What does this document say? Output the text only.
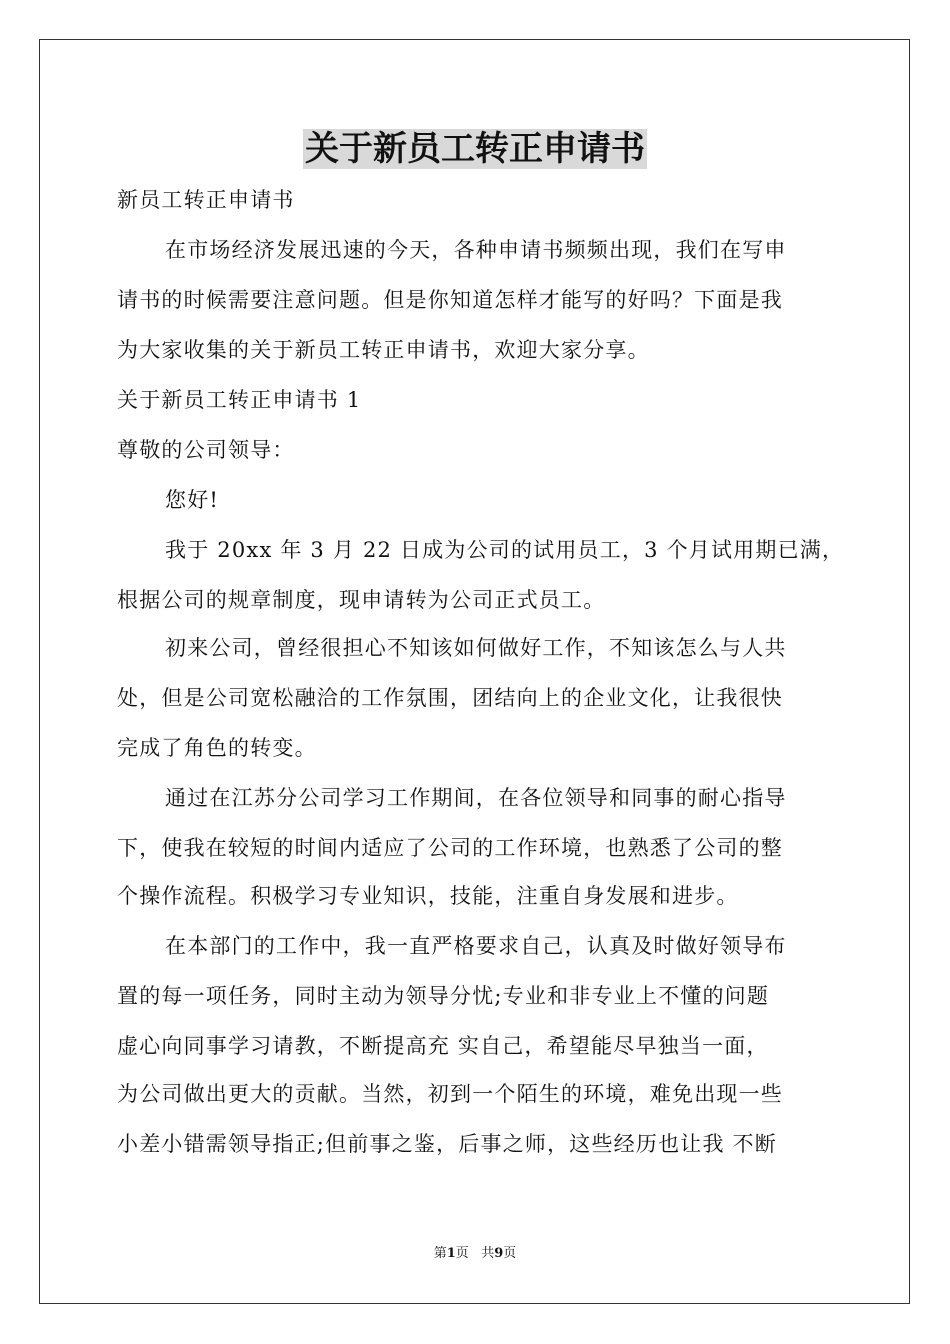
关于新员工转正申请书
新员工转正申请书
在市场经济发展迅速的今天，各种申请书频频出现，我们在写申
请书的时候需要注意问题。但是你知道怎样才能写的好吗？下面是我
为大家收集的关于新员工转正申请书，欢迎大家分享。
关于新员工转正申请书 1
尊敬的公司领导：
您好!
我于 20xx 年 3 月 22 日成为公司的试用员工，3 个月试用期已满，
根据公司的规章制度，现申请转为公司正式员工。
初来公司，曾经很担心不知该如何做好工作，不知该怎么与人共
处，但是公司宽松融洽的工作氛围，团结向上的企业文化，让我很快
完成了角色的转变。
通过在江苏分公司学习工作期间，在各位领导和同事的耐心指导
下，使我在较短的时间内适应了公司的工作环境，也熟悉了公司的整
个操作流程。积极学习专业知识，技能，注重自身发展和进步。
在本部门的工作中，我一直严格要求自己，认真及时做好领导布
置的每一项任务，同时主动为领导分忧;专业和非专业上不懂的问题
虚心向同事学习请教，不断提高充 实自己，希望能尽早独当一面，
为公司做出更大的贡献。当然，初到一个陌生的环境，难免出现一些
小差小错需领导指正;但前事之鉴，后事之师，这些经历也让我 不断
第1页 共9页
